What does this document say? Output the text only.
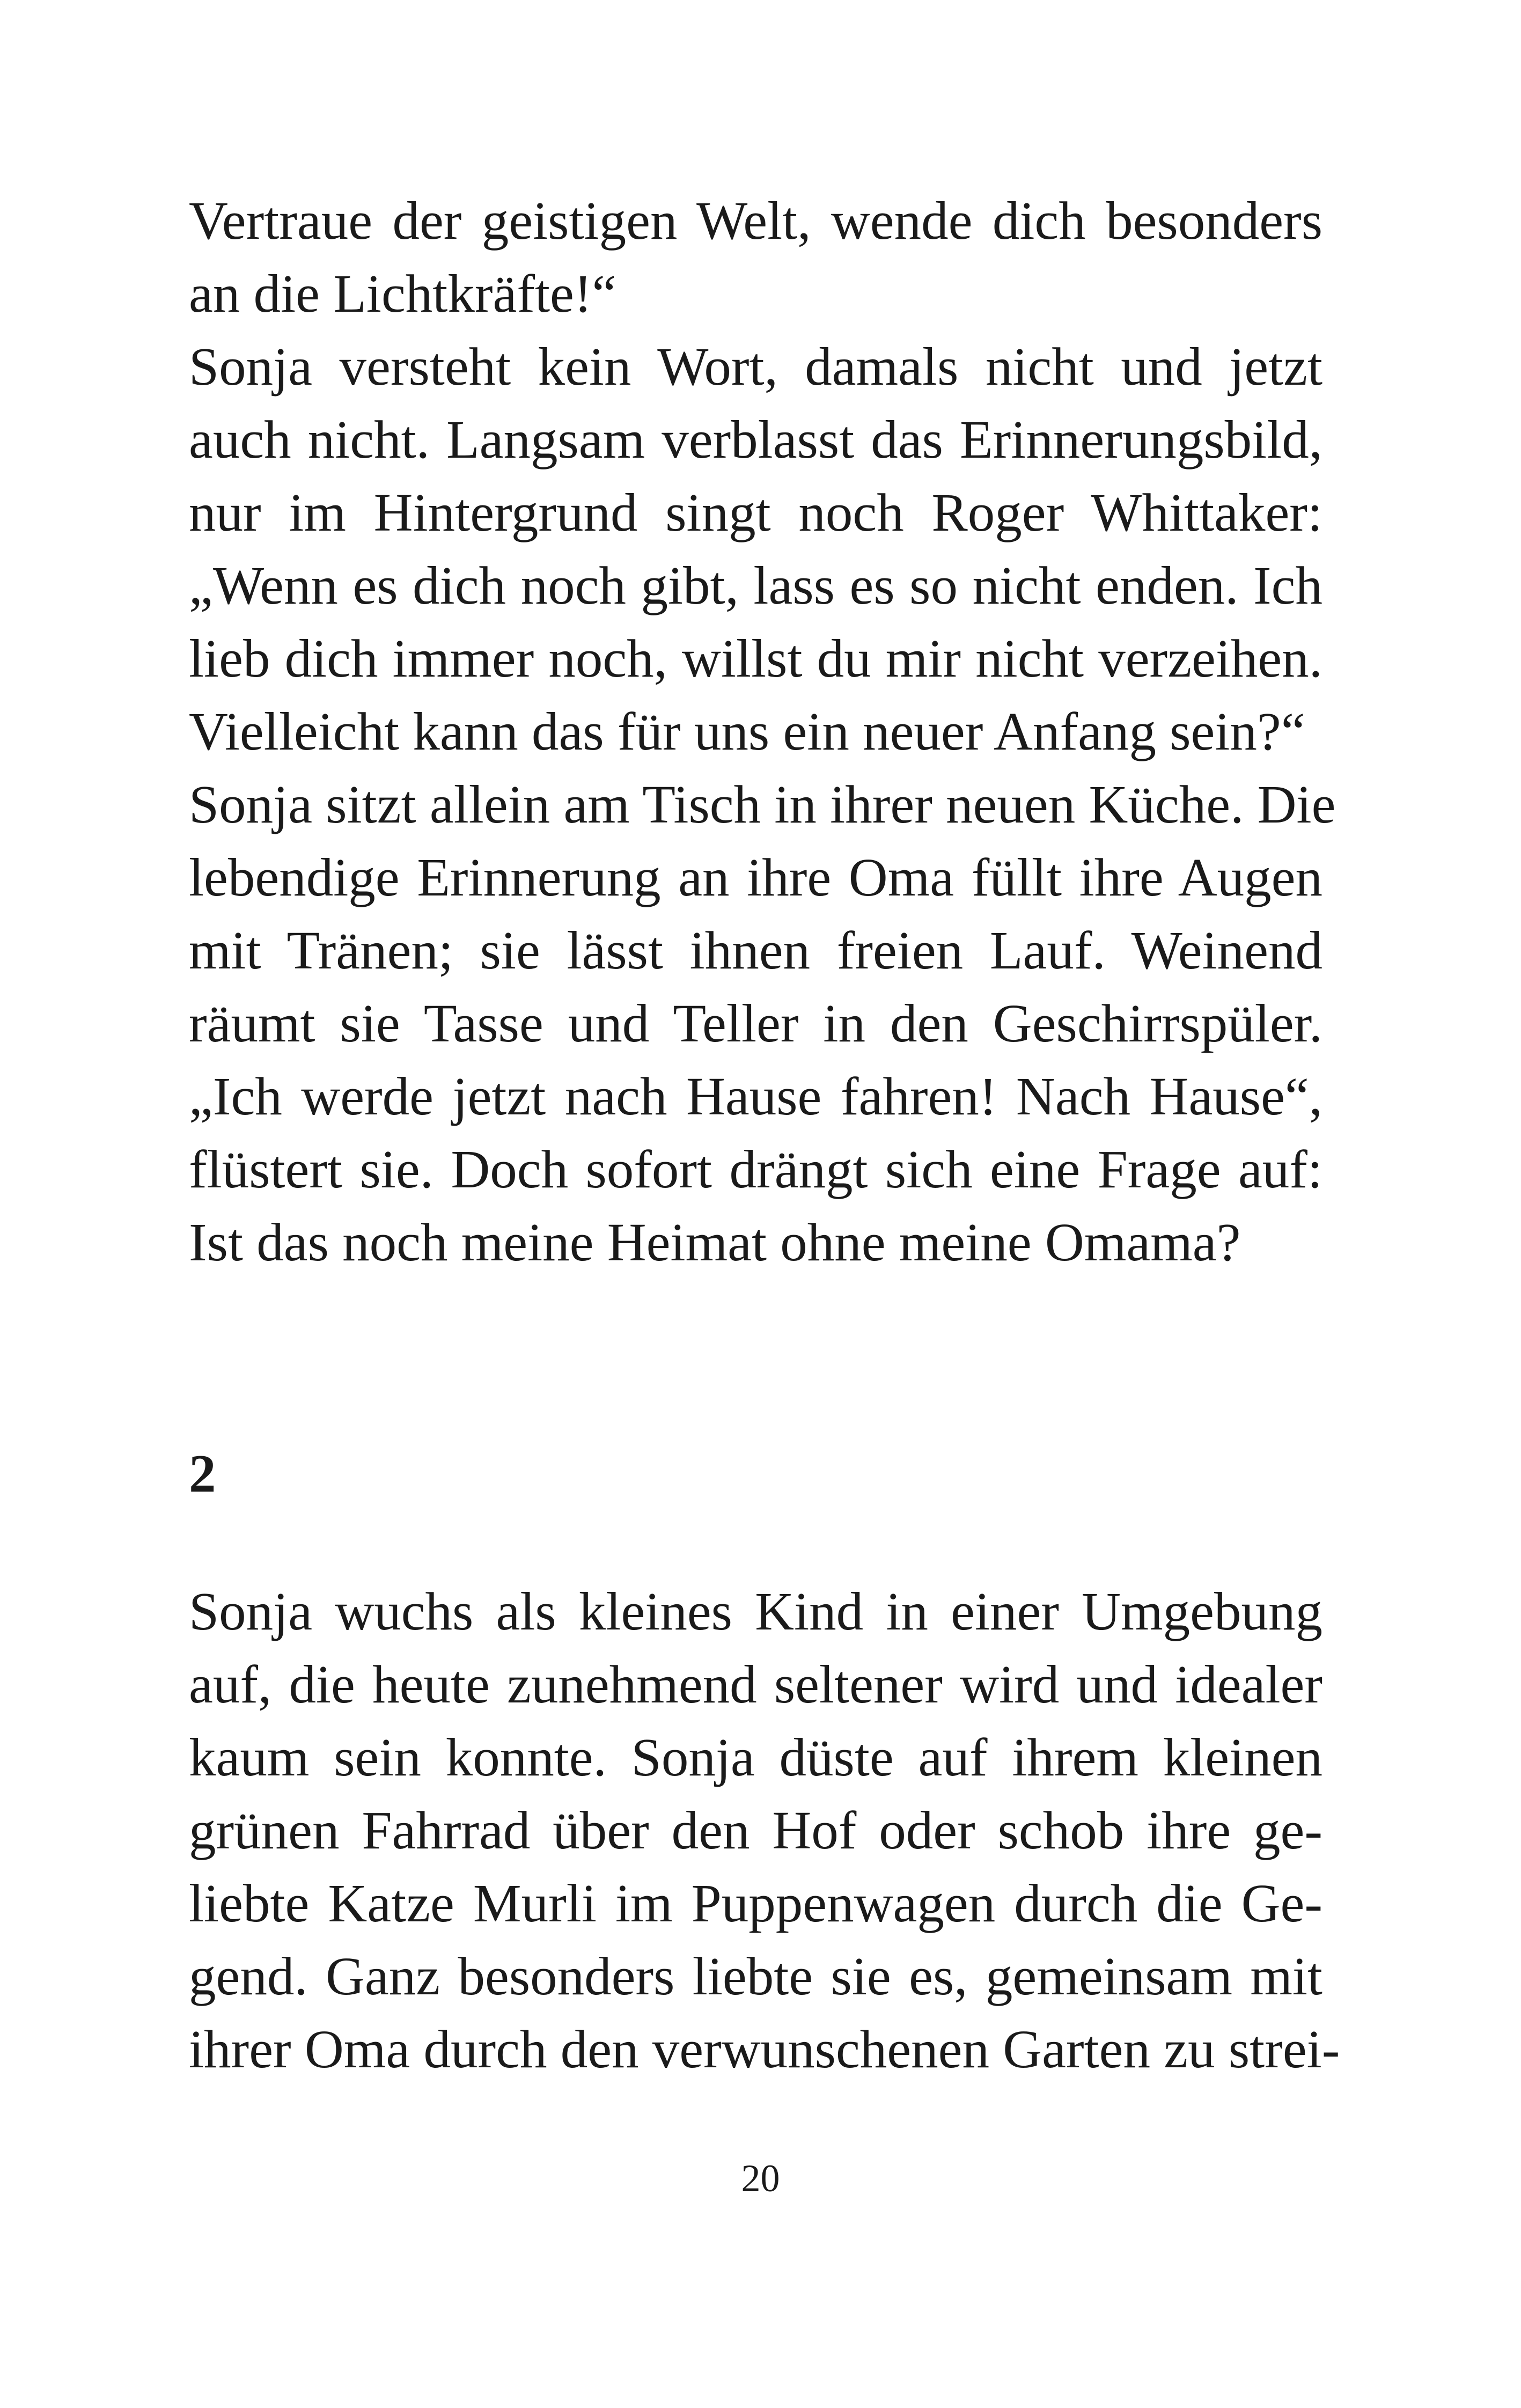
Vertraue der geistigen Welt, wende dich besonders
an die Lichtkräfte!“
Sonja versteht kein Wort, damals nicht und jetzt
auch nicht. Langsam verblasst das Erinnerungsbild,
nur im Hintergrund singt noch Roger Whittaker:
„Wenn es dich noch gibt, lass es so nicht enden. Ich
lieb dich immer noch, willst du mir nicht verzeihen.
Vielleicht kann das für uns ein neuer Anfang sein?“
Sonja sitzt allein am Tisch in ihrer neuen Küche. Die
lebendige Erinnerung an ihre Oma füllt ihre Augen
mit Tränen; sie lässt ihnen freien Lauf. Weinend
räumt sie Tasse und Teller in den Geschirrspüler.
„Ich werde jetzt nach Hause fahren! Nach Hause“,
flüstert sie. Doch sofort drängt sich eine Frage auf:
Ist das noch meine Heimat ohne meine Omama?
2
Sonja wuchs als kleines Kind in einer Umgebung
auf, die heute zunehmend seltener wird und idealer
kaum sein konnte. Sonja düste auf ihrem kleinen
grünen Fahrrad über den Hof oder schob ihre ge-
liebte Katze Murli im Puppenwagen durch die Ge-
gend. Ganz besonders liebte sie es, gemeinsam mit
ihrer Oma durch den verwunschenen Garten zu strei-
20
